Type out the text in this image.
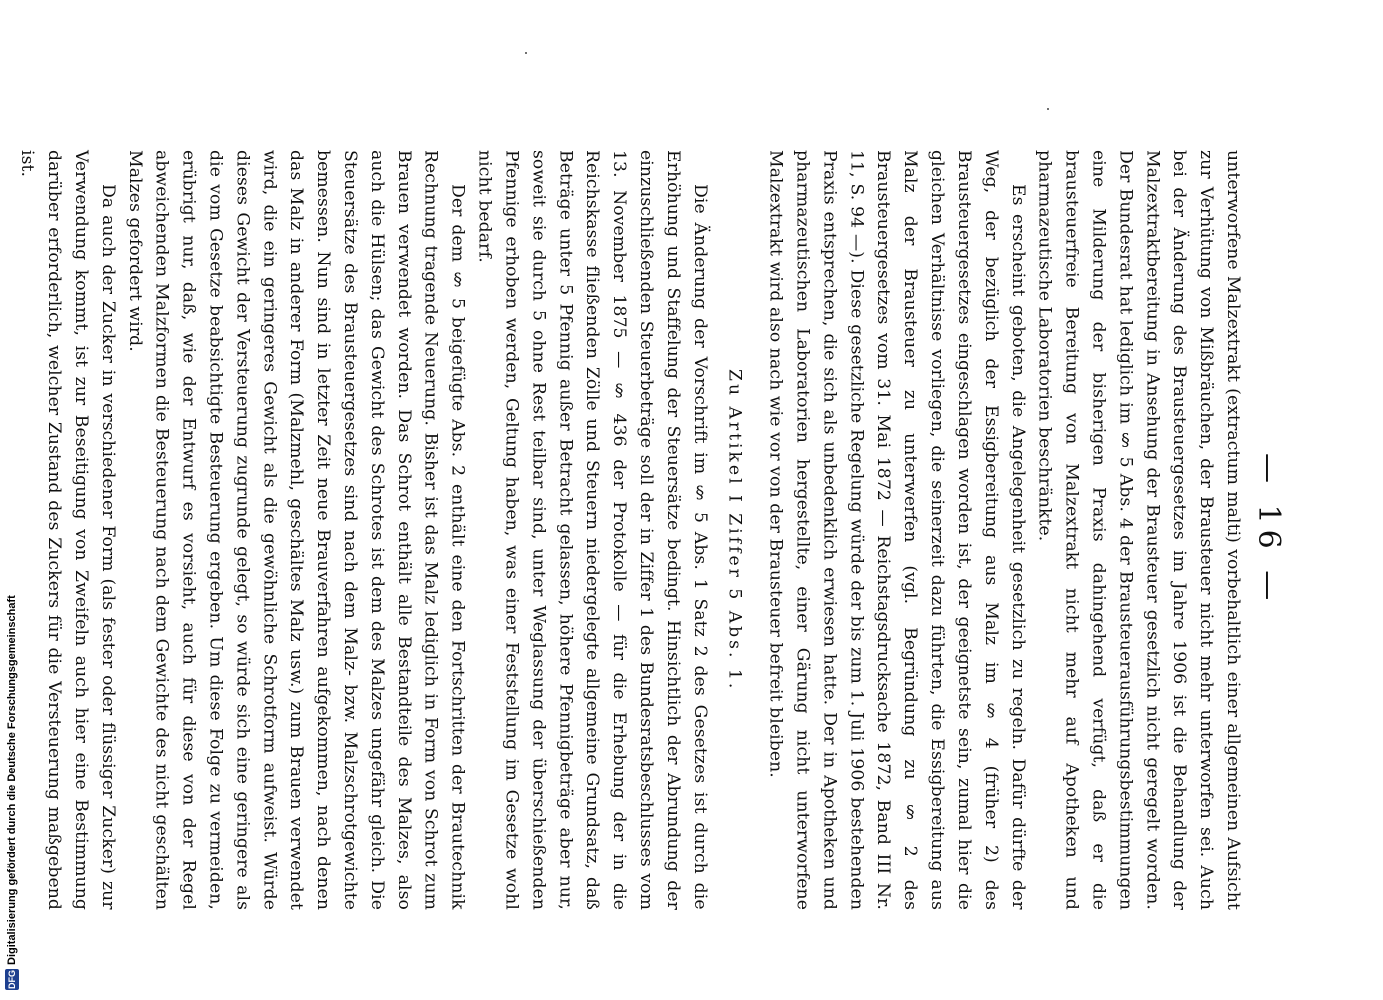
— 16 —

unterworfene Malzextrakt (extractum malti) vorbehaltlich einer allgemeinen Aufsicht zur Verhütung von Mißbräuchen, der Brausteuer nicht mehr unterworfen sei. Auch bei der Änderung des Brausteuergesetzes im Jahre 1906 ist die Behandlung der Malzextraktbereitung in Ansehung der Brausteuer gesetzlich nicht geregelt worden. Der Bundesrat hat lediglich im § 5 Abs. 4 der Brausteuerausführungsbestimmungen eine Milderung der bisherigen Praxis dahingehend verfügt, daß er die brausteuerfreie Bereitung von Malzextrakt nicht mehr auf Apotheken und pharmazeutische Laboratorien beschränkte.

Es erscheint geboten, die Angelegenheit gesetzlich zu regeln. Dafür dürfte der Weg, der bezüglich der Essigbereitung aus Malz im § 4 (früher 2) des Brausteuergesetzes eingeschlagen worden ist, der geeignetste sein, zumal hier die gleichen Verhältnisse vorliegen, die seinerzeit dazu führten, die Essigbereitung aus Malz der Brausteuer zu unterwerfen (vgl. Begründung zu § 2 des Brausteuergesetzes vom 31. Mai 1872 — Reichstagsdrucksache 1872, Band III Nr. 11, S. 94 —). Diese gesetzliche Regelung würde der bis zum 1. Juli 1906 bestehenden Praxis entsprechen, die sich als unbedenklich erwiesen hatte. Der in Apotheken und pharmazeutischen Laboratorien hergestellte, einer Gärung nicht unterworfene Malzextrakt wird also nach wie vor von der Brausteuer befreit bleiben.

Zu Artikel I Ziffer 5 Abs. 1.

Die Änderung der Vorschrift im § 5 Abs. 1 Satz 2 des Gesetzes ist durch die Erhöhung und Staffelung der Steuersätze bedingt. Hinsichtlich der Abrundung der einzuschließenden Steuerbeträge soll der in Ziffer 1 des Bundesratsbeschlusses vom 13. November 1875 — § 436 der Protokolle — für die Erhebung der in die Reichskasse fließenden Zölle und Steuern niedergelegte allgemeine Grundsatz, daß Beträge unter 5 Pfennig außer Betracht gelassen, höhere Pfennigbeträge aber nur, soweit sie durch 5 ohne Rest teilbar sind, unter Weglassung der überschießenden Pfennige erhoben werden, Geltung haben, was einer Feststellung im Gesetze wohl nicht bedarf.

Der dem § 5 beigefügte Abs. 2 enthält eine den Fortschritten der Brautechnik Rechnung tragende Neuerung. Bisher ist das Malz lediglich in Form von Schrot zum Brauen verwendet worden. Das Schrot enthält alle Bestandteile des Malzes, also auch die Hülsen; das Gewicht des Schrotes ist dem des Malzes ungefähr gleich. Die Steuersätze des Brausteuergesetzes sind nach dem Malz- bzw. Malzschrotgewichte bemessen. Nun sind in letzter Zeit neue Brauverfahren aufgekommen, nach denen das Malz in anderer Form (Malzmehl, geschältes Malz usw.) zum Brauen verwendet wird, die ein geringeres Gewicht als die gewöhnliche Schrotform aufweist. Würde dieses Gewicht der Versteuerung zugrunde gelegt, so würde sich eine geringere als die vom Gesetze beabsichtigte Besteuerung ergeben. Um diese Folge zu vermeiden, erübrigt nur, daß, wie der Entwurf es vorsieht, auch für diese von der Regel abweichenden Malzformen die Besteuerung nach dem Gewichte des nicht geschälten Malzes gefordert wird.

Da auch der Zucker in verschiedener Form (als fester oder flüssiger Zucker) zur Verwendung kommt, ist zur Beseitigung von Zweifeln auch hier eine Bestimmung darüber erforderlich, welcher Zustand des Zuckers für die Versteuerung maßgebend ist.

DFG
Digitalisierung gefördert durch die Deutsche Forschungsgemeinschaft
